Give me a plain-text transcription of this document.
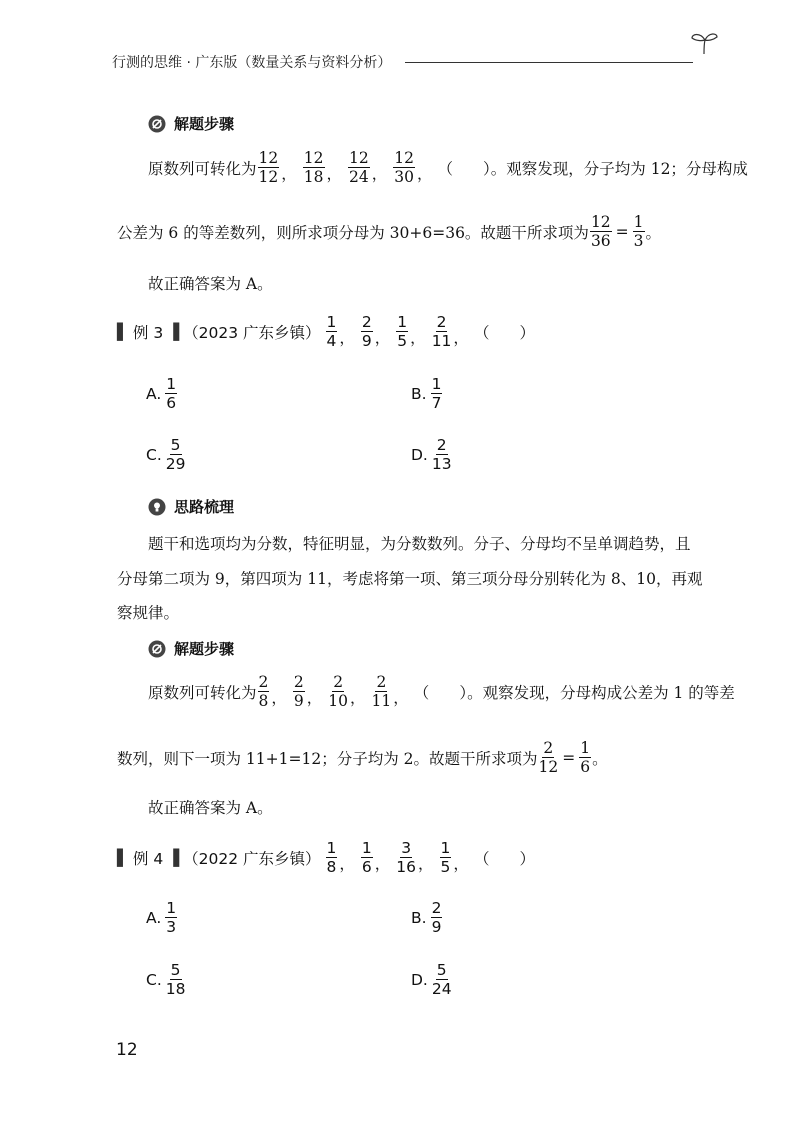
行测的思维 · 广东版（数量关系与资料分析）
解题步骤
原数列可转化为 $\frac{12}{12}$ ， $\frac{12}{18}$ ， $\frac{12}{24}$ ， $\frac{12}{30}$ ， （ ）。观察发现，分子均为 12；分母构成
公差为 6 的等差数列，则所求项分母为 30+6=36。故题干所求项为 $\frac{12}{36} = \frac{1}{3}$ 。
故正确答案为 A。
▌ 例 3 ▐ （2023 广东乡镇） $\frac{1}{4}$ ， $\frac{2}{9}$ ， $\frac{1}{5}$ ， $\frac{2}{11}$ ， （ ）
A. $\frac{1}{6}$	B. $\frac{1}{7}$
C. $\frac{5}{29}$	D. $\frac{2}{13}$
思路梳理
题干和选项均为分数，特征明显，为分数数列。分子、分母均不呈单调趋势，且
分母第二项为 9，第四项为 11，考虑将第一项、第三项分母分别转化为 8、10，再观
察规律。
解题步骤
原数列可转化为 $\frac{2}{8}$ ， $\frac{2}{9}$ ， $\frac{2}{10}$ ， $\frac{2}{11}$ ， （ ）。观察发现，分母构成公差为 1 的等差
数列，则下一项为 11+1=12；分子均为 2。故题干所求项为 $\frac{2}{12} = \frac{1}{6}$ 。
故正确答案为 A。
▌ 例 4 ▐ （2022 广东乡镇） $\frac{1}{8}$ ， $\frac{1}{6}$ ， $\frac{3}{16}$ ， $\frac{1}{5}$ ， （ ）
A. $\frac{1}{3}$	B. $\frac{2}{9}$
C. $\frac{5}{18}$	D. $\frac{5}{24}$
12
